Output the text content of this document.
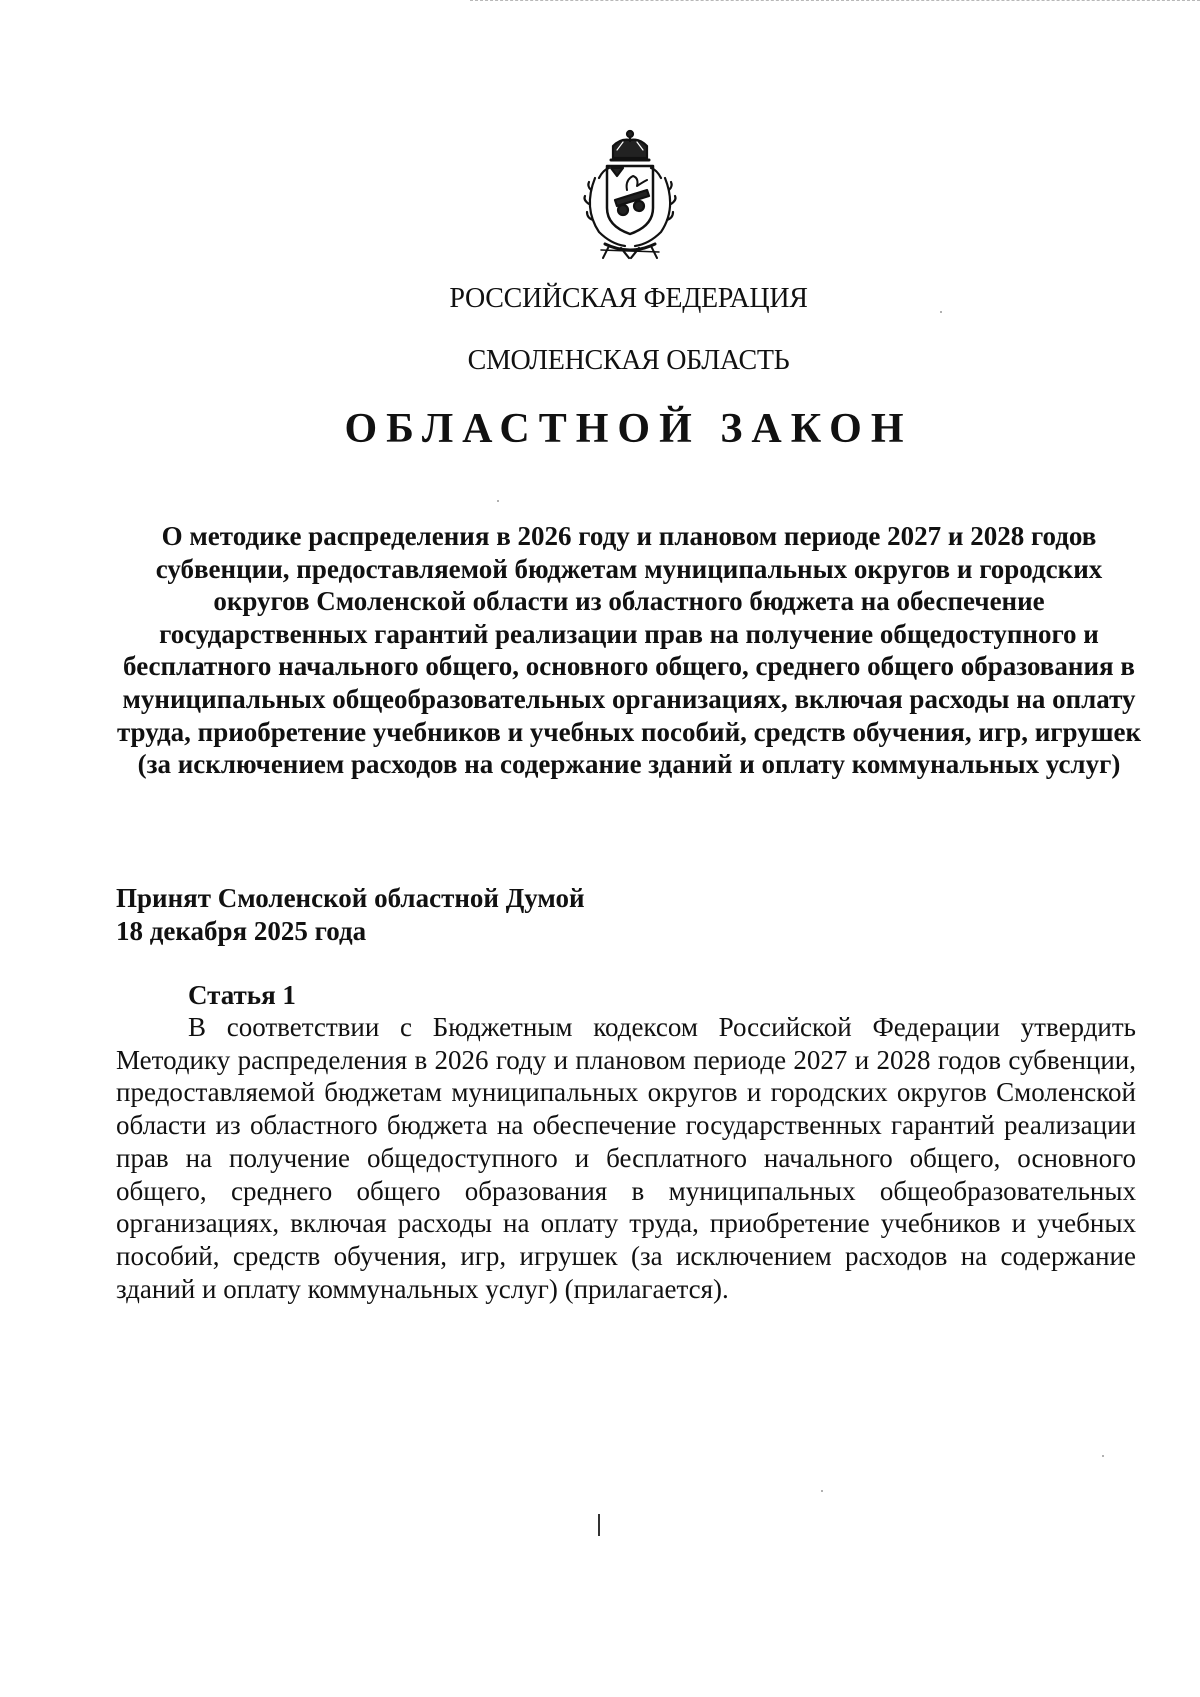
РОССИЙСКАЯ ФЕДЕРАЦИЯ
СМОЛЕНСКАЯ ОБЛАСТЬ
ОБЛАСТНОЙ ЗАКОН
О методике распределения в 2026 году и плановом периоде 2027 и 2028 годов субвенции, предоставляемой бюджетам муниципальных округов и городских округов Смоленской области из областного бюджета на обеспечение государственных гарантий реализации прав на получение общедоступного и бесплатного начального общего, основного общего, среднего общего образования в муниципальных общеобразовательных организациях, включая расходы на оплату труда, приобретение учебников и учебных пособий, средств обучения, игр, игрушек (за исключением расходов на содержание зданий и оплату коммунальных услуг)
Принят Смоленской областной Думой
18 декабря 2025 года
Статья 1
В соответствии с Бюджетным кодексом Российской Федерации утвердить Методику распределения в 2026 году и плановом периоде 2027 и 2028 годов субвенции, предоставляемой бюджетам муниципальных округов и городских округов Смоленской области из областного бюджета на обеспечение государственных гарантий реализации прав на получение общедоступного и бесплатного начального общего, основного общего, среднего общего образования в муниципальных общеобразовательных организациях, включая расходы на оплату труда, приобретение учебников и учебных пособий, средств обучения, игр, игрушек (за исключением расходов на содержание зданий и оплату коммунальных услуг) (прилагается).
